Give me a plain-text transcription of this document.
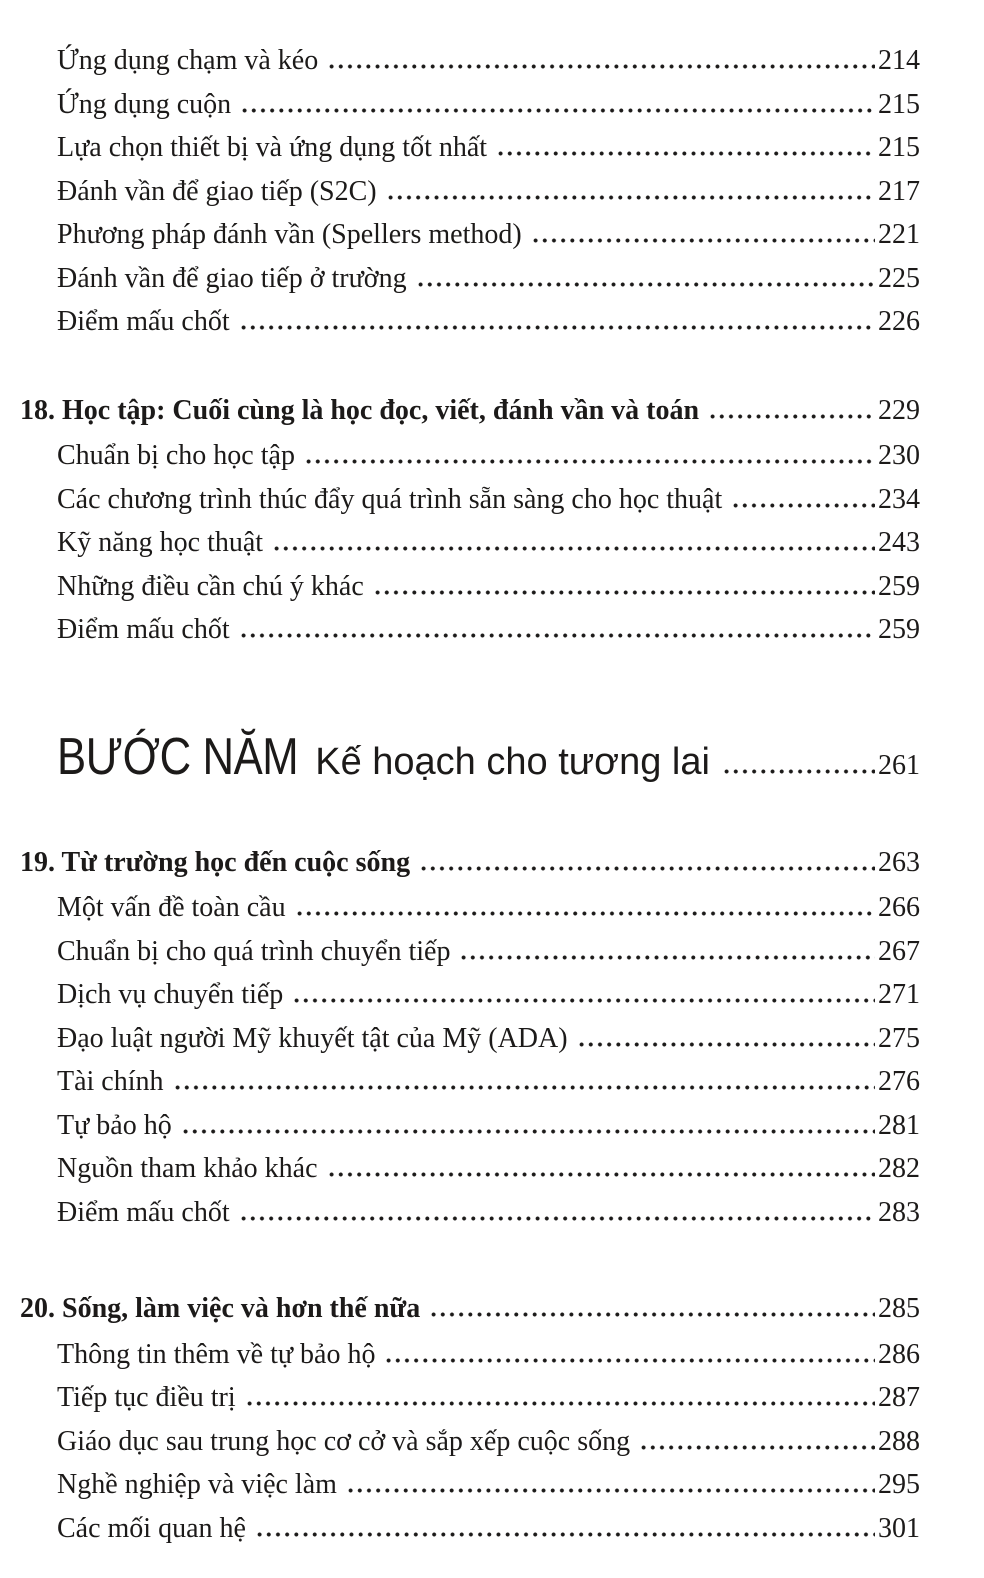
Ứng dụng chạm và kéo	214
Ứng dụng cuộn	215
Lựa chọn thiết bị và ứng dụng tốt nhất	215
Đánh vần để giao tiếp (S2C)	217
Phương pháp đánh vần (Spellers method)	221
Đánh vần để giao tiếp ở trường	225
Điểm mấu chốt	226
18. Học tập: Cuối cùng là học đọc, viết, đánh vần và toán	229
Chuẩn bị cho học tập	230
Các chương trình thúc đẩy quá trình sẵn sàng cho học thuật	234
Kỹ năng học thuật	243
Những điều cần chú ý khác	259
Điểm mấu chốt	259
BƯỚC NĂM Kế hoạch cho tương lai	261
19. Từ trường học đến cuộc sống	263
Một vấn đề toàn cầu	266
Chuẩn bị cho quá trình chuyển tiếp	267
Dịch vụ chuyển tiếp	271
Đạo luật người Mỹ khuyết tật của Mỹ (ADA)	275
Tài chính	276
Tự bảo hộ	281
Nguồn tham khảo khác	282
Điểm mấu chốt	283
20. Sống, làm việc và hơn thế nữa	285
Thông tin thêm về tự bảo hộ	286
Tiếp tục điều trị	287
Giáo dục sau trung học cơ cở và sắp xếp cuộc sống	288
Nghề nghiệp và việc làm	295
Các mối quan hệ	301
